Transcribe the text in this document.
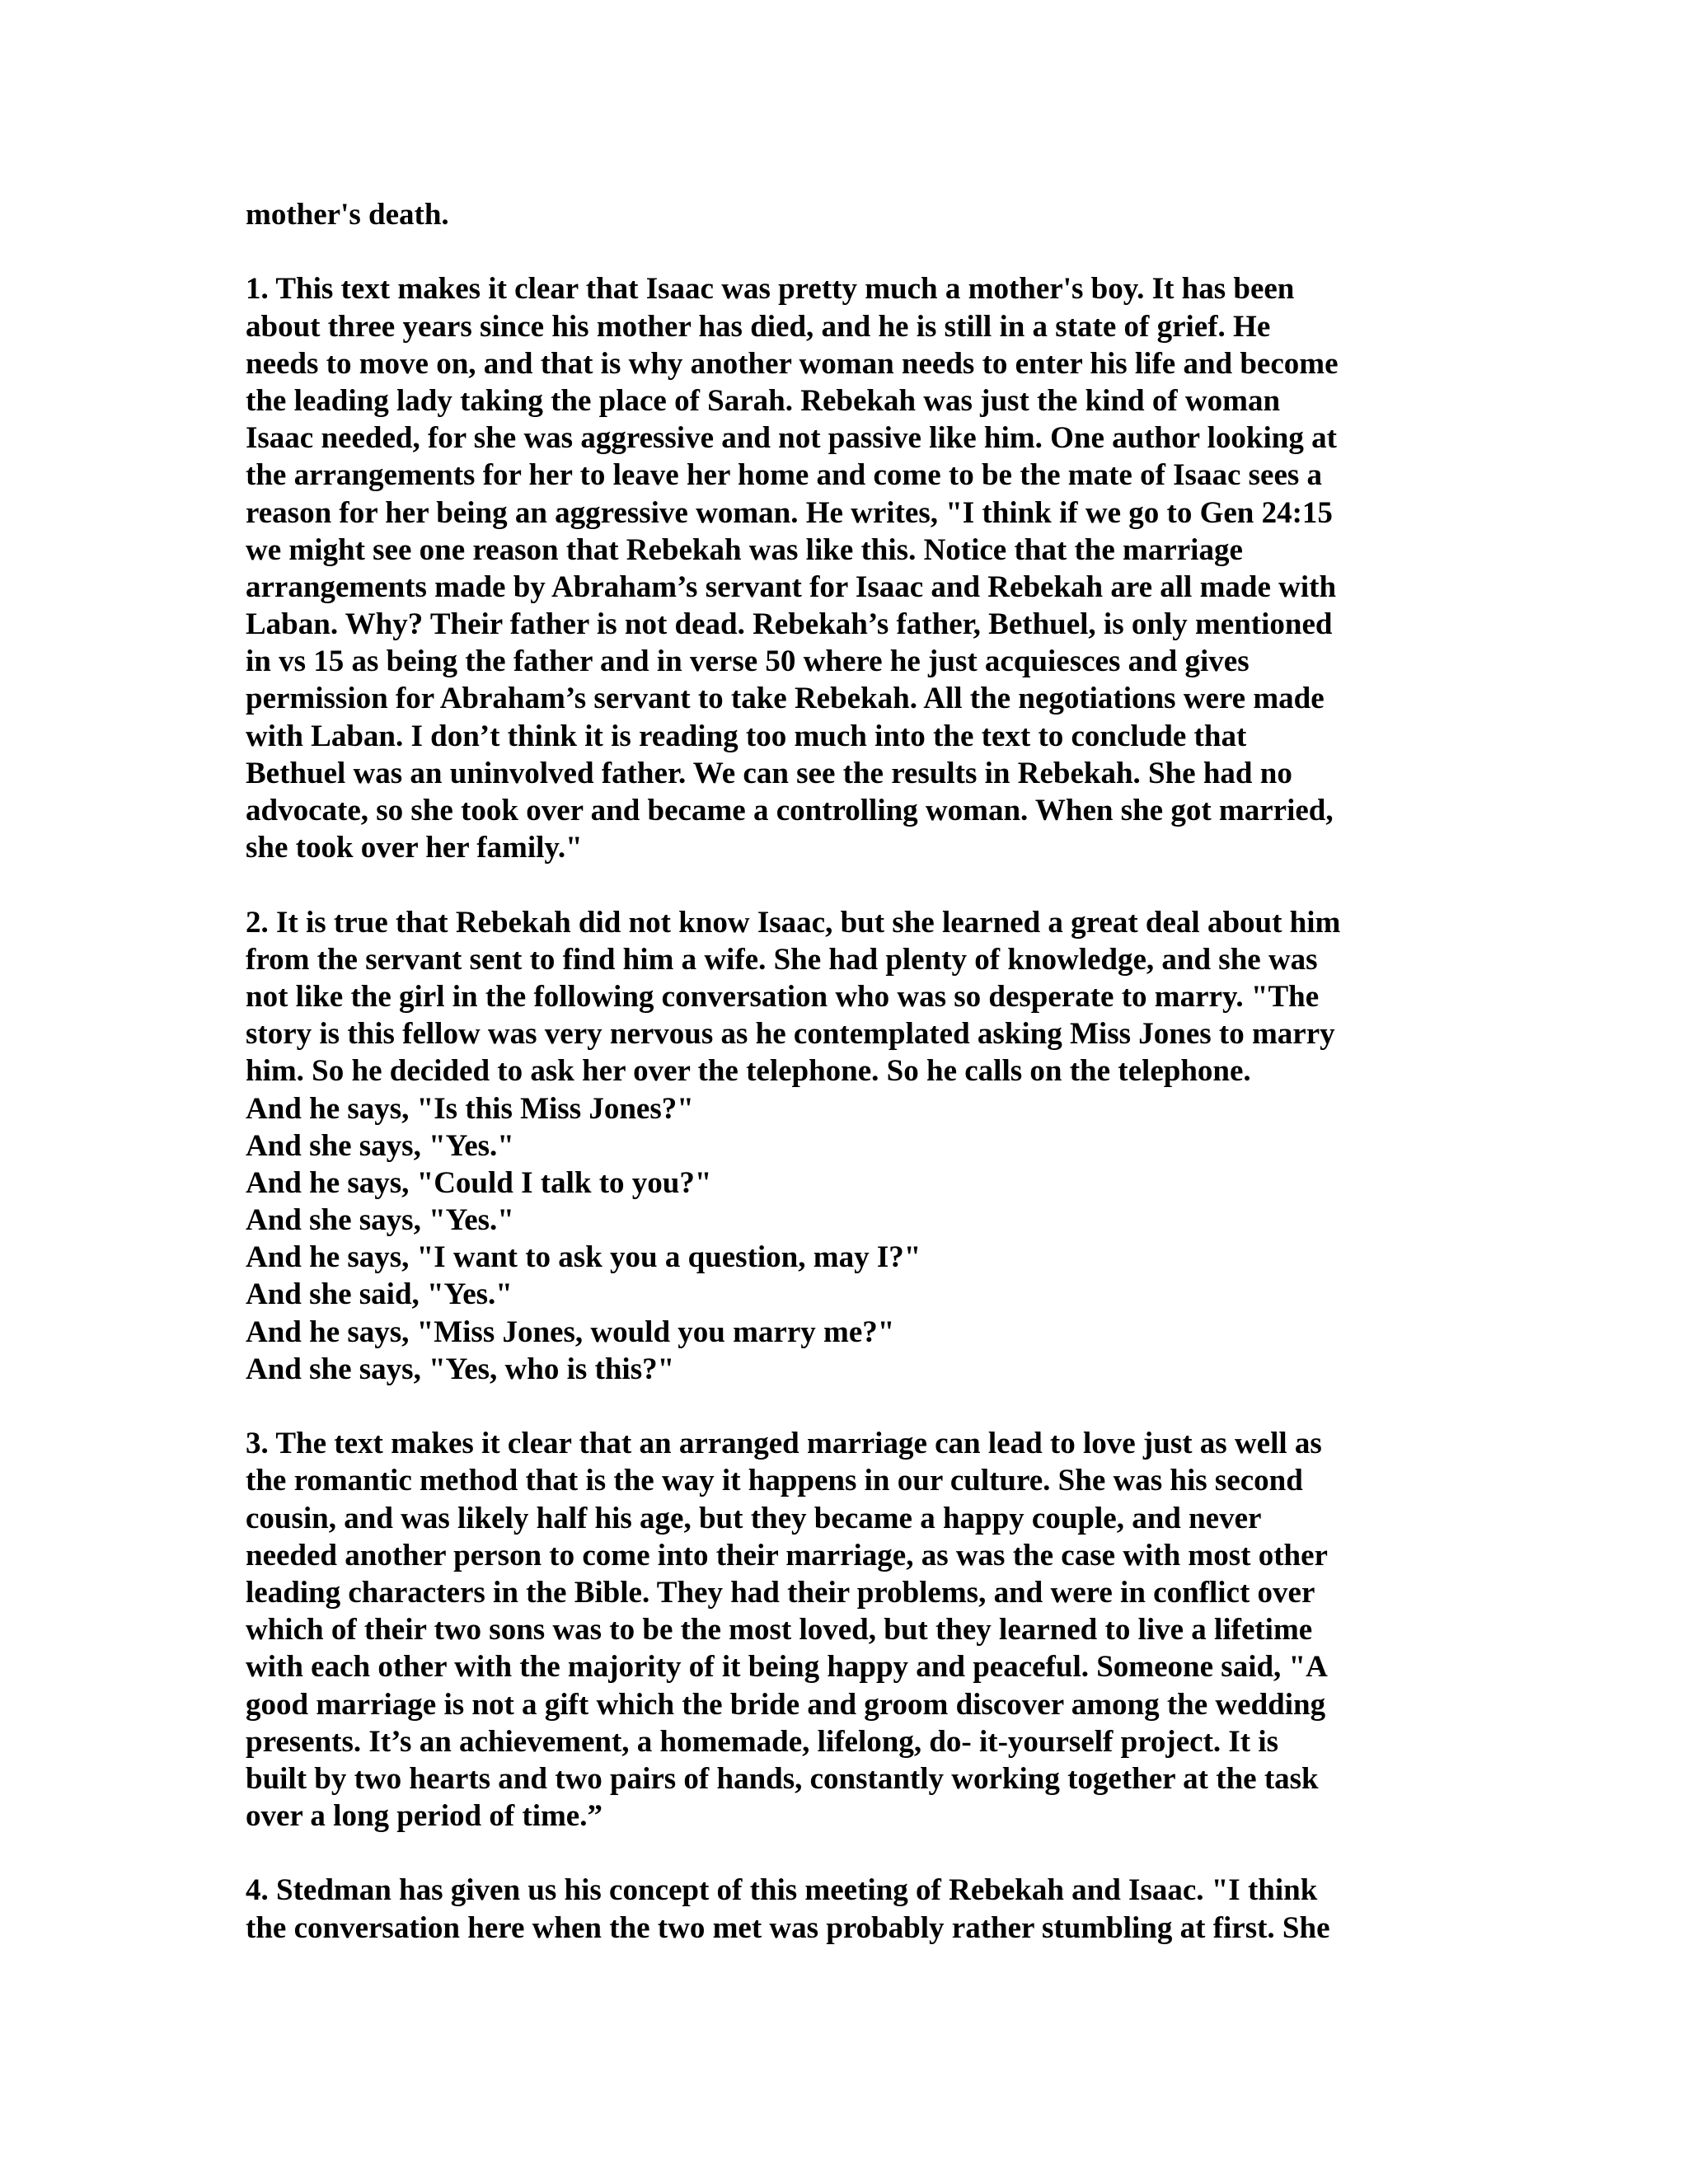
mother's death.
1. This text makes it clear that Isaac was pretty much a mother's boy. It has been
about three years since his mother has died, and he is still in a state of grief. He
needs to move on, and that is why another woman needs to enter his life and become
the leading lady taking the place of Sarah. Rebekah was just the kind of woman
Isaac needed, for she was aggressive and not passive like him. One author looking at
the arrangements for her to leave her home and come to be the mate of Isaac sees a
reason for her being an aggressive woman. He writes, "I think if we go to Gen 24:15
we might see one reason that Rebekah was like this. Notice that the marriage
arrangements made by Abraham’s servant for Isaac and Rebekah are all made with
Laban. Why? Their father is not dead. Rebekah’s father, Bethuel, is only mentioned
in vs 15 as being the father and in verse 50 where he just acquiesces and gives
permission for Abraham’s servant to take Rebekah. All the negotiations were made
with Laban. I don’t think it is reading too much into the text to conclude that
Bethuel was an uninvolved father. We can see the results in Rebekah. She had no
advocate, so she took over and became a controlling woman. When she got married,
she took over her family."
2. It is true that Rebekah did not know Isaac, but she learned a great deal about him
from the servant sent to find him a wife. She had plenty of knowledge, and she was
not like the girl in the following conversation who was so desperate to marry. "The
story is this fellow was very nervous as he contemplated asking Miss Jones to marry
him. So he decided to ask her over the telephone. So he calls on the telephone.
And he says, "Is this Miss Jones?"
And she says, "Yes."
And he says, "Could I talk to you?"
And she says, "Yes."
And he says, "I want to ask you a question, may I?"
And she said, "Yes."
And he says, "Miss Jones, would you marry me?"
And she says, "Yes, who is this?"
3. The text makes it clear that an arranged marriage can lead to love just as well as
the romantic method that is the way it happens in our culture. She was his second
cousin, and was likely half his age, but they became a happy couple, and never
needed another person to come into their marriage, as was the case with most other
leading characters in the Bible. They had their problems, and were in conflict over
which of their two sons was to be the most loved, but they learned to live a lifetime
with each other with the majority of it being happy and peaceful. Someone said, "A
good marriage is not a gift which the bride and groom discover among the wedding
presents. It’s an achievement, a homemade, lifelong, do- it-yourself project. It is
built by two hearts and two pairs of hands, constantly working together at the task
over a long period of time.”
4. Stedman has given us his concept of this meeting of Rebekah and Isaac. "I think
the conversation here when the two met was probably rather stumbling at first. She
